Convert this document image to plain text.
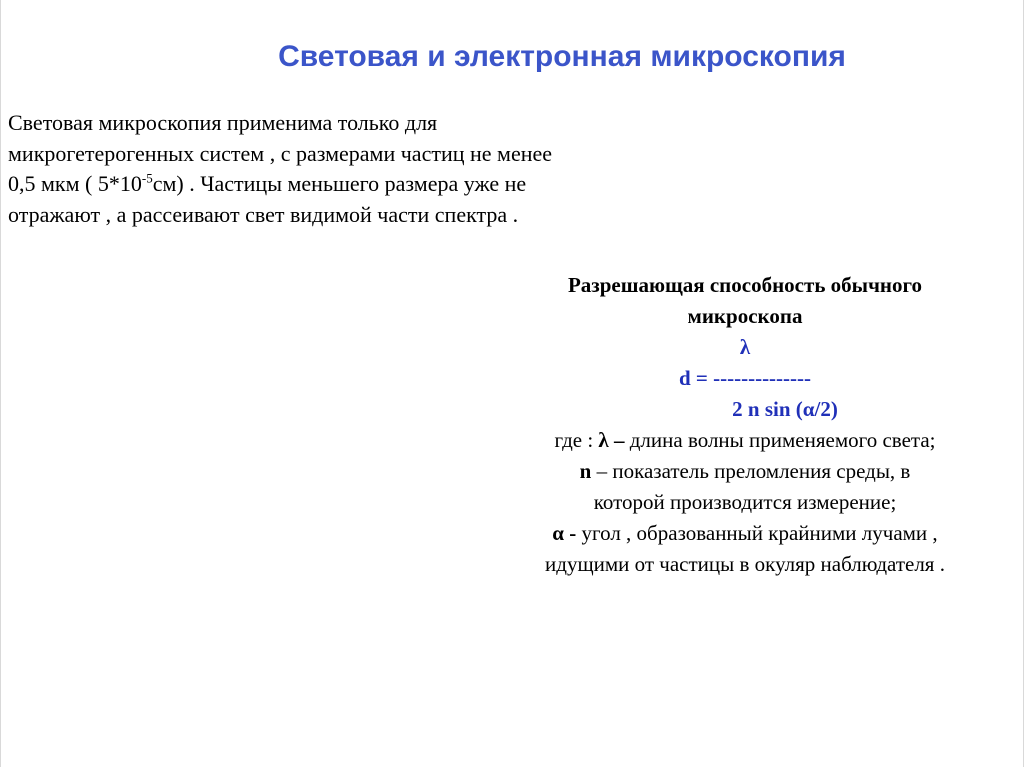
Световая и электронная микроскопия
Световая микроскопия применима только для микрогетерогенных систем , с размерами частиц не менее 0,5 мкм ( $5*10^{-5}см$) . Частицы меньшего размера уже не отражают , а рассеивают свет видимой части спектра .
Разрешающая способность обычного
микроскопа
λ
d = --------------
2 n sin (α/2)
где : λ – длина волны применяемого света;
n – показатель преломления среды, в
которой производится измерение;
α - угол , образованный крайними лучами ,
идущими от частицы в окуляр наблюдателя .
